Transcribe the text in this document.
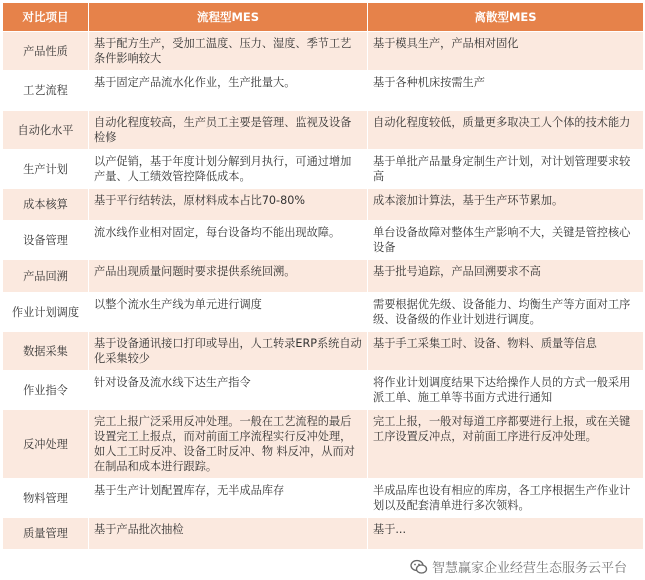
对比项目	流程型MES	离散型MES
产品性质	基于配方生产，受加工温度、压力、湿度、季节工艺条件影响较大	基于模具生产，产品相对固化
工艺流程	基于固定产品流水化作业，生产批量大。	基于各种机床按需生产
自动化水平	自动化程度较高，生产员工主要是管理、监视及设备检修	自动化程度较低，质量更多取决工人个体的技术能力
生产计划	以产促销，基于年度计划分解到月执行，可通过增加产量、人工绩效管控降低成本。	基于单批产品量身定制生产计划，对计划管理要求较高
成本核算	基于平行结转法，原材料成本占比70-80%	成本滚加计算法，基于生产环节累加。
设备管理	流水线作业相对固定，每台设备均不能出现故障。	单台设备故障对整体生产影响不大，关键是管控核心设备
产品回溯	产品出现质量问题时要求提供系统回溯。	基于批号追踪，产品回溯要求不高
作业计划调度	以整个流水生产线为单元进行调度	需要根据优先级、设备能力、均衡生产等方面对工序级、设备级的作业计划进行调度。
数据采集	基于设备通讯接口打印或导出，人工转录ERP系统自动化采集较少	基于手工采集工时、设备、物料、质量等信息
作业指令	针对设备及流水线下达生产指令	将作业计划调度结果下达给操作人员的方式一般采用派工单、施工单等书面方式进行通知
反冲处理	完工上报广泛采用反冲处理。一般在工艺流程的最后设置完工上报点，而对前面工序流程实行反冲处理，如人工工时反冲、设备工时反冲、物 料反冲，从而对在制品和成本进行跟踪。	完工上报，一般对每道工序都要进行上报，或在关键工序设置反冲点，对前面工序进行反冲处理。
物料管理	基于生产计划配置库存，无半成品库存	半成品库也设有相应的库房，各工序根据生产作业计划以及配套清单进行多次领料。
质量管理	基于产品批次抽检	基于...
智慧赢家企业经营生态服务云平台
